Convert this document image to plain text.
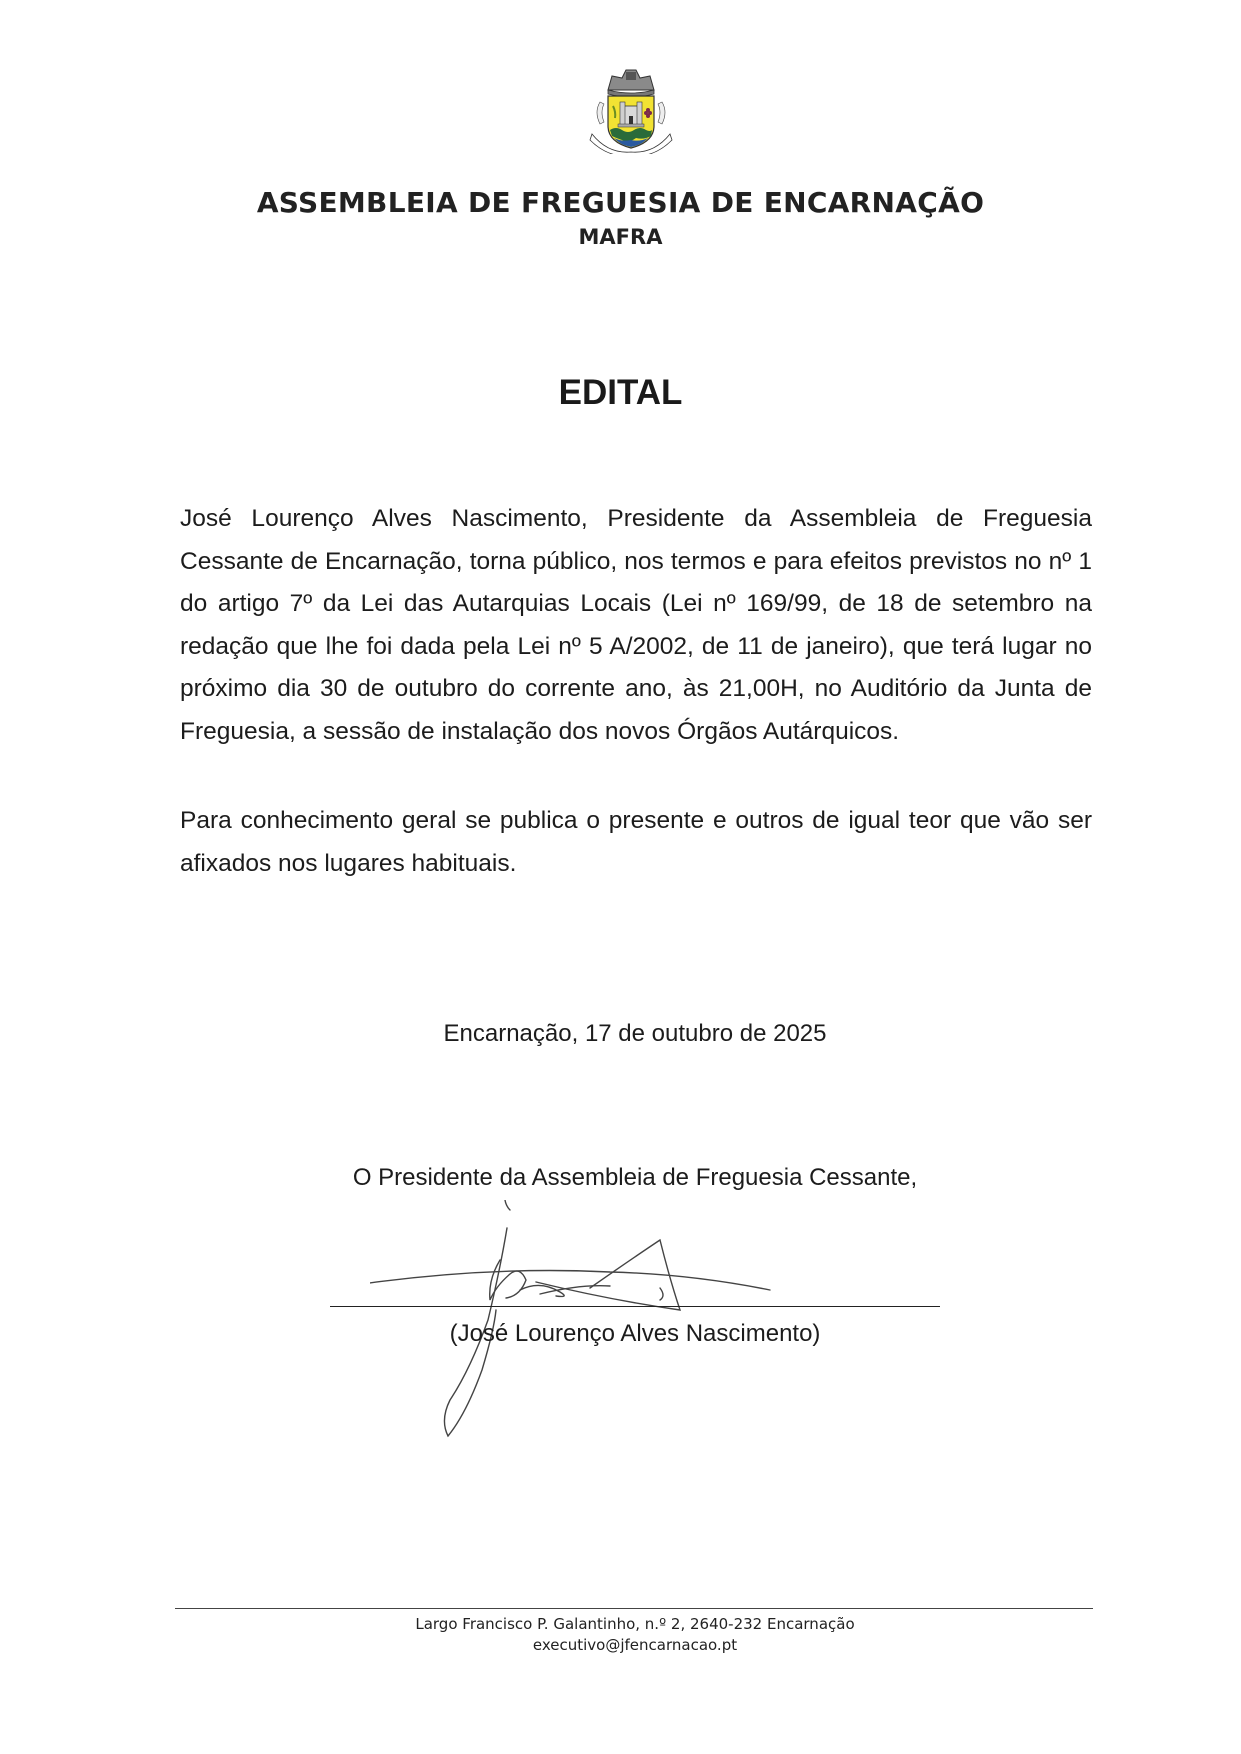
ASSEMBLEIA DE FREGUESIA DE ENCARNAÇÃO
MAFRA
EDITAL
José Lourenço Alves Nascimento, Presidente da Assembleia de Freguesia Cessante de Encarnação, torna público, nos termos e para efeitos previstos no nº 1 do artigo 7º da Lei das Autarquias Locais (Lei nº 169/99, de 18 de setembro na redação que lhe foi dada pela Lei nº 5 A/2002, de 11 de janeiro), que terá lugar no próximo dia 30 de outubro do corrente ano, às 21,00H, no Auditório da Junta de Freguesia, a sessão de instalação dos novos Órgãos Autárquicos.
Para conhecimento geral se publica o presente e outros de igual teor que vão ser afixados nos lugares habituais.
Encarnação, 17 de outubro de 2025
O Presidente da Assembleia de Freguesia Cessante,
(José Lourenço Alves Nascimento)
Largo Francisco P. Galantinho, n.º 2, 2640-232 Encarnação
executivo@jfencarnacao.pt
